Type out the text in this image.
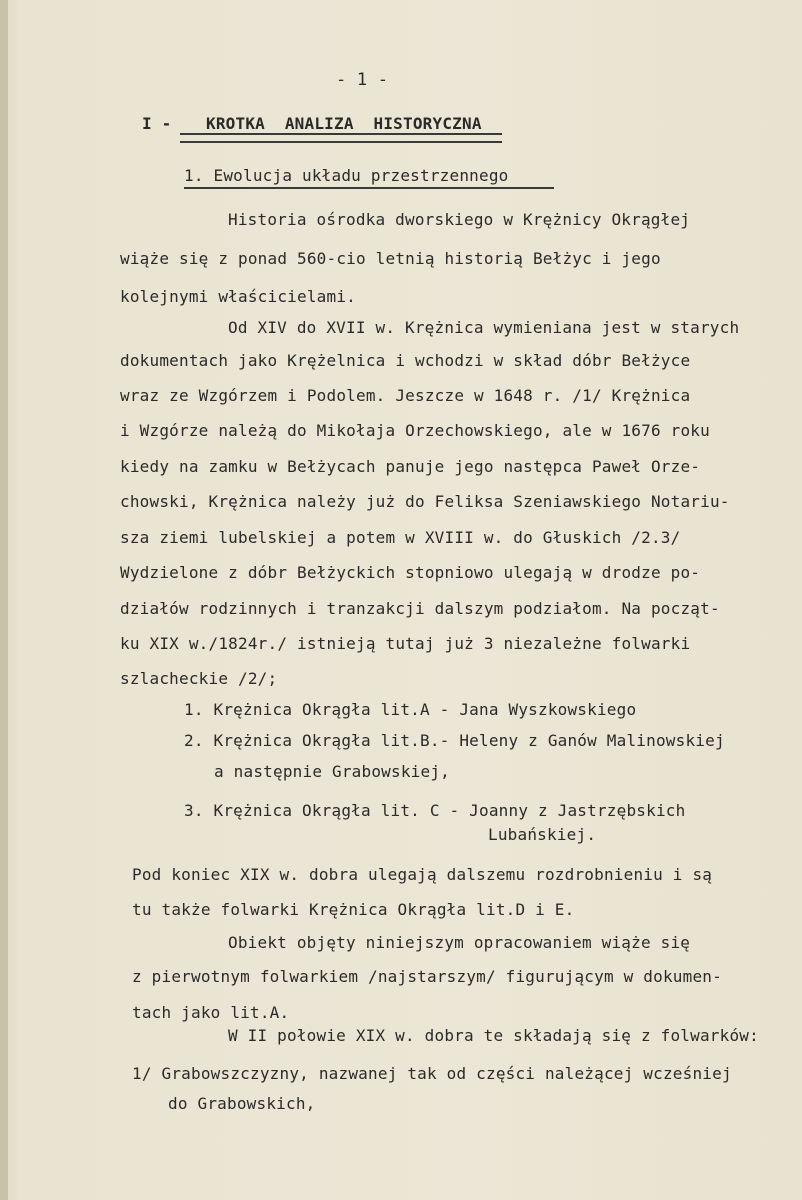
- 1 -
I - KROTKA ANALIZA HISTORYCZNA
1. Ewolucja układu przestrzennego
Historia ośrodka dworskiego w Krężnicy Okrągłej
wiąże się z ponad 560-cio letnią historią Bełżyc i jego
kolejnymi właścicielami.
Od XIV do XVII w. Krężnica wymieniana jest w starych
dokumentach jako Krężelnica i wchodzi w skład dóbr Bełżyce
wraz ze Wzgórzem i Podolem. Jeszcze w 1648 r. /1/ Krężnica
i Wzgórze należą do Mikołaja Orzechowskiego, ale w 1676 roku
kiedy na zamku w Bełżycach panuje jego następca Paweł Orze-
chowski, Krężnica należy już do Feliksa Szeniawskiego Notariu-
sza ziemi lubelskiej a potem w XVIII w. do Głuskich /2.3/
Wydzielone z dóbr Bełżyckich stopniowo ulegają w drodze po-
działów rodzinnych i tranzakcji dalszym podziałom. Na począt-
ku XIX w./1824r./ istnieją tutaj już 3 niezależne folwarki
szlacheckie /2/;
1. Krężnica Okrągła lit.A - Jana Wyszkowskiego
2. Krężnica Okrągła lit.B.- Heleny z Ganów Malinowskiej
a następnie Grabowskiej,
3. Krężnica Okrągła lit. C - Joanny z Jastrzębskich
Lubańskiej.
Pod koniec XIX w. dobra ulegają dalszemu rozdrobnieniu i są
tu także folwarki Krężnica Okrągła lit.D i E.
Obiekt objęty niniejszym opracowaniem wiąże się
z pierwotnym folwarkiem /najstarszym/ figurującym w dokumen-
tach jako lit.A.
W II połowie XIX w. dobra te składają się z folwarków:
1/ Grabowszczyzny, nazwanej tak od części należącej wcześniej
do Grabowskich,
